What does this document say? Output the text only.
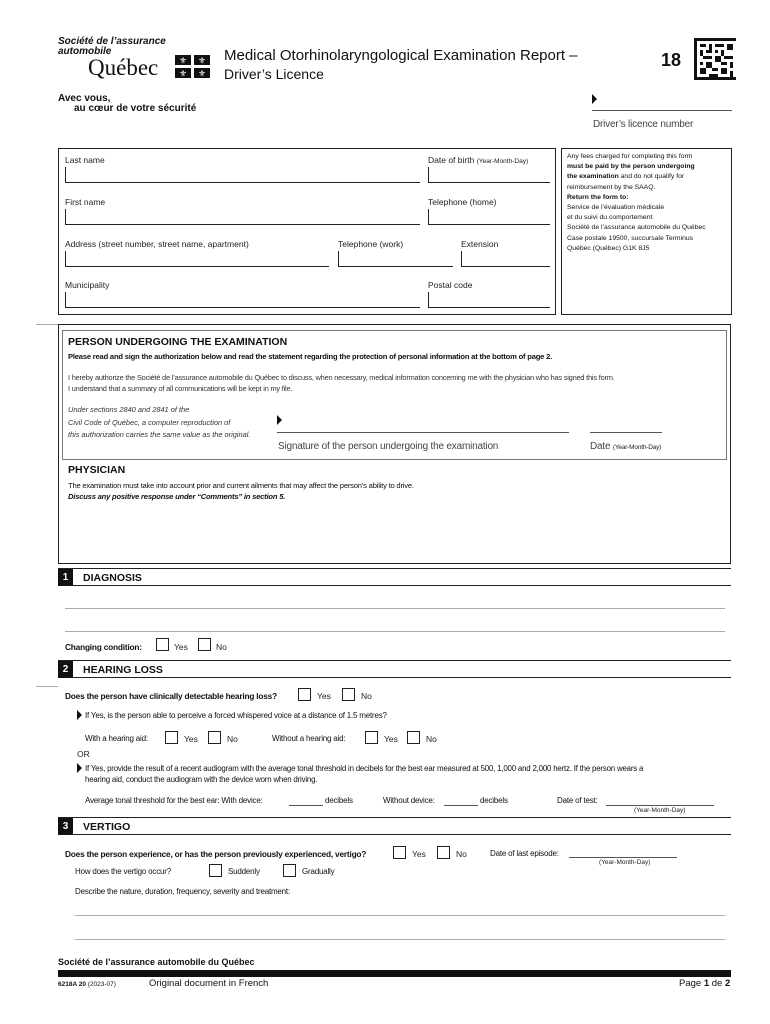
Société de l’assurance
automobile
Québec ⚜ ⚜
⚜ ⚜
Avec vous,
au cœur de votre sécurité
Medical Otorhinolaryngological Examination Report –
Driver’s Licence
18
Driver’s licence number
Last name	Date of birth (Year-Month-Day)
First name	Telephone (home)
Address (street number, street name, apartment)	Telephone (work)	Extension
Municipality	Postal code
Any fees charged for completing this form
must be paid by the person undergoing
the examination and do not qualify for
reimbursement by the SAAQ.
Return the form to:
Service de l’évaluation médicale
et du suivi du comportement
Société de l’assurance automobile du Québec
Case postale 19500, succursale Terminus
Québec (Québec) G1K 8J5
PERSON UNDERGOING THE EXAMINATION
Please read and sign the authorization below and read the statement regarding the protection of personal information at the bottom of page 2.
I hereby authorize the Société de l’assurance automobile du Québec to discuss, when necessary, medical information concerning me with the physician who has signed this form.
I understand that a summary of all communications will be kept in my file.
Under sections 2840 and 2841 of the
Civil Code of Québec, a computer reproduction of
this authorization carries the same value as the original.
Signature of the person undergoing the examination	Date (Year-Month-Day)
PHYSICIAN
The examination must take into account prior and current ailments that may affect the person’s ability to drive.
Discuss any positive response under “Comments” in section 5.
1	DIAGNOSIS
Changing condition:	Yes	No
2	HEARING LOSS
Does the person have clinically detectable hearing loss?	Yes	No
If Yes, is the person able to perceive a forced whispered voice at a distance of 1.5 metres?
With a hearing aid:	Yes	No	Without a hearing aid:	Yes	No
OR
If Yes, provide the result of a recent audiogram with the average tonal threshold in decibels for the best ear measured at 500, 1,000 and 2,000 hertz. If the person wears a
hearing aid, conduct the audiogram with the device worn when driving.
Average tonal threshold for the best ear: With device:	decibels	Without device:	decibels	Date of test:
(Year-Month-Day)
3	VERTIGO
Does the person experience, or has the person previously experienced, vertigo?	Yes	No	Date of last episode:
(Year-Month-Day)
How does the vertigo occur?	Suddenly	Gradually
Describe the nature, duration, frequency, severity and treatment:
Société de l’assurance automobile du Québec
6218A 20 (2023-07)	Original document in French	Page 1 de 2
